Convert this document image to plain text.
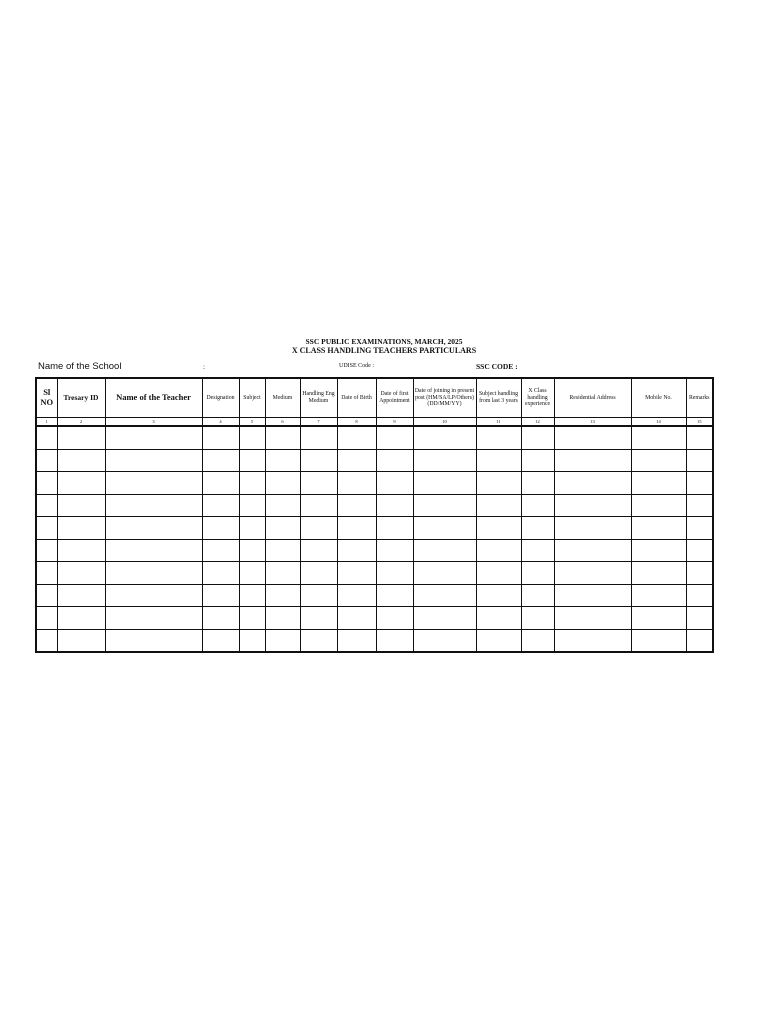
SSC PUBLIC EXAMINATIONS, MARCH, 2025
X CLASS HANDLING TEACHERS PARTICULARS
Name of the School	:	UDISE Code :	SSC CODE :
Sl NO	Tresary ID	Name of the Teacher	Designation	Subject	Medium	Handling Eng Medium	Date of Birth	Date of first Appointment	Date of joining in present post (HM/SA/LP/Others) (DD/MM/YY)	Subject handling from last 3 years	X Class handling experience	Residential Address	Mobile No.	Remarks
1	2	3	4	5	6	7	8	9	10	11	12	13	14	15
